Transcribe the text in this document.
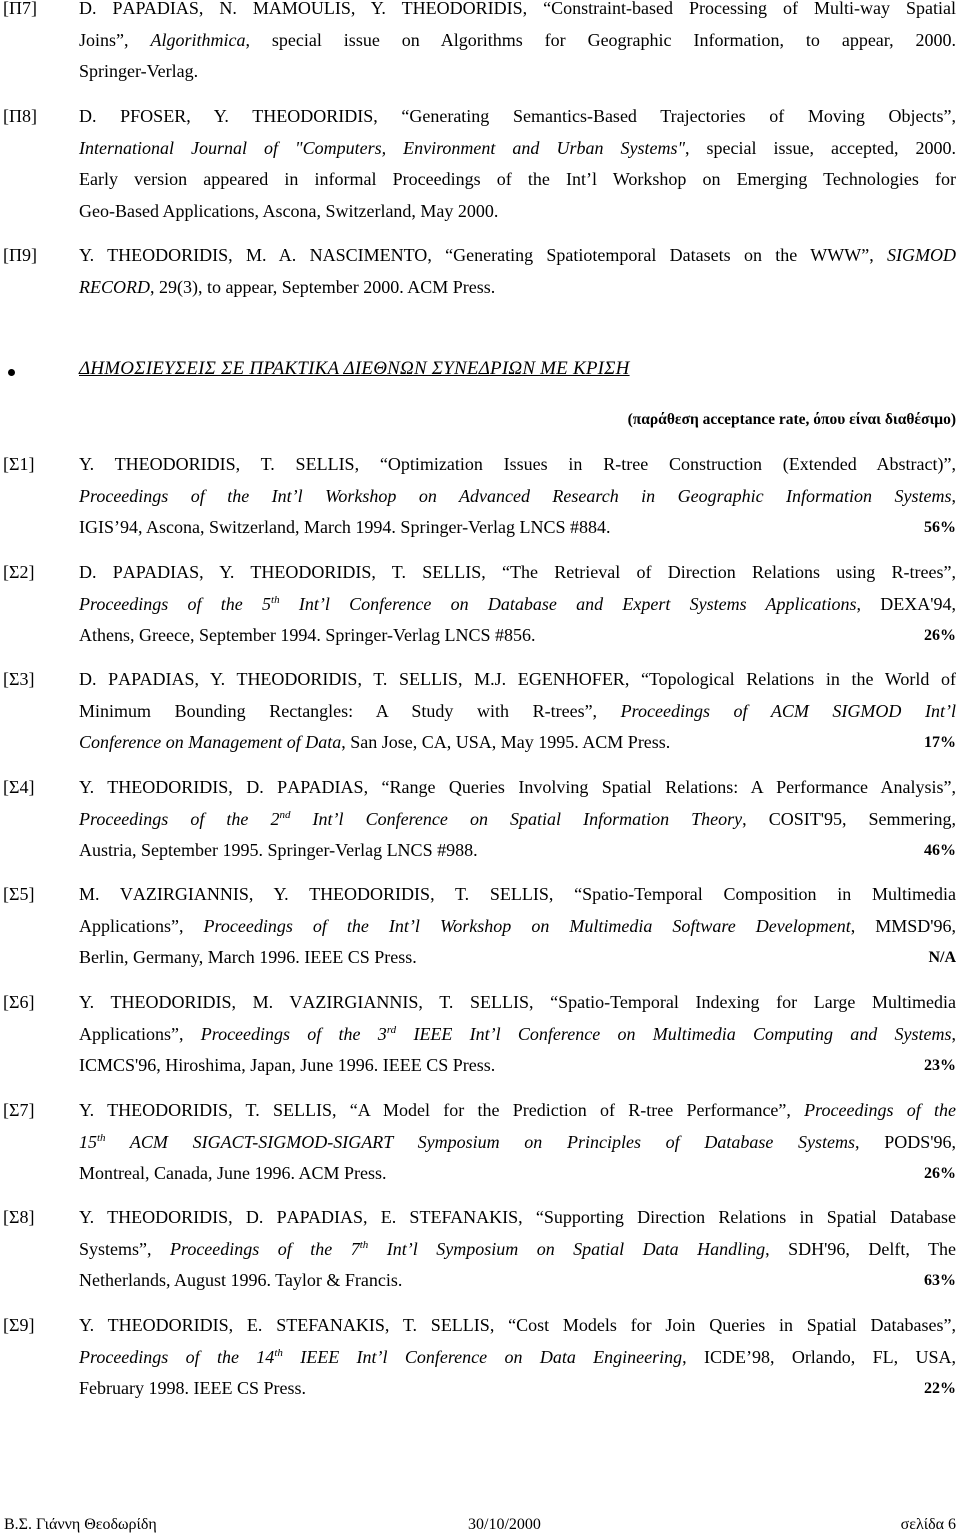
[Π7]	D. PAPADIAS, N. MAMOULIS, Y. THEODORIDIS, “Constraint-based Processing of Multi-way Spatial
Joins”, Algorithmica, special issue on Algorithms for Geographic Information, to appear, 2000.
Springer-Verlag.
[Π8]	D. PFOSER, Y. THEODORIDIS, “Generating Semantics-Based Trajectories of Moving Objects”,
International Journal of "Computers, Environment and Urban Systems", special issue, accepted, 2000.
Early version appeared in informal Proceedings of the Int’l Workshop on Emerging Technologies for
Geo-Based Applications, Ascona, Switzerland, May 2000.
[Π9]	Y. THEODORIDIS, M. A. NASCIMENTO, “Generating Spatiotemporal Datasets on the WWW”, SIGMOD
RECORD, 29(3), to appear, September 2000. ACM Press.
ΔΗΜΟΣΙΕΥΣΕΙΣ ΣΕ ΠΡΑΚΤΙΚΑ ΔΙΕΘΝΩΝ ΣΥΝΕΔΡΙΩΝ ΜΕ ΚΡΙΣΗ
(παράθεση acceptance rate, όπου είναι διαθέσιμο)
[Σ1]	Y. THEODORIDIS, T. SELLIS, “Optimization Issues in R-tree Construction (Extended Abstract)”,
Proceedings of the Int’l Workshop on Advanced Research in Geographic Information Systems,
IGIS’94, Ascona, Switzerland, March 1994. Springer-Verlag LNCS #884.	56%
[Σ2]	D. PAPADIAS, Y. THEODORIDIS, T. SELLIS, “The Retrieval of Direction Relations using R-trees”,
Proceedings of the 5th Int’l Conference on Database and Expert Systems Applications, DEXA'94,
Athens, Greece, September 1994. Springer-Verlag LNCS #856.	26%
[Σ3]	D. PAPADIAS, Y. THEODORIDIS, T. SELLIS, M.J. EGENHOFER, “Topological Relations in the World of
Minimum Bounding Rectangles: A Study with R-trees”, Proceedings of ACM SIGMOD Int’l
Conference on Management of Data, San Jose, CA, USA, May 1995. ACM Press.	17%
[Σ4]	Y. THEODORIDIS, D. PAPADIAS, “Range Queries Involving Spatial Relations: A Performance Analysis”,
Proceedings of the 2nd Int’l Conference on Spatial Information Theory, COSIT'95, Semmering,
Austria, September 1995. Springer-Verlag LNCS #988.	46%
[Σ5]	M. VAZIRGIANNIS, Y. THEODORIDIS, T. SELLIS, “Spatio-Temporal Composition in Multimedia
Applications”, Proceedings of the Int’l Workshop on Multimedia Software Development, MMSD'96,
Berlin, Germany, March 1996. IEEE CS Press.	N/A
[Σ6]	Y. THEODORIDIS, M. VAZIRGIANNIS, T. SELLIS, “Spatio-Temporal Indexing for Large Multimedia
Applications”, Proceedings of the 3rd IEEE Int’l Conference on Multimedia Computing and Systems,
ICMCS'96, Hiroshima, Japan, June 1996. IEEE CS Press.	23%
[Σ7]	Y. THEODORIDIS, T. SELLIS, “A Model for the Prediction of R-tree Performance”, Proceedings of the
15th ACM SIGACT-SIGMOD-SIGART Symposium on Principles of Database Systems, PODS'96,
Montreal, Canada, June 1996. ACM Press.	26%
[Σ8]	Y. THEODORIDIS, D. PAPADIAS, E. STEFANAKIS, “Supporting Direction Relations in Spatial Database
Systems”, Proceedings of the 7th Int’l Symposium on Spatial Data Handling, SDH'96, Delft, The
Netherlands, August 1996. Taylor & Francis.	63%
[Σ9]	Y. THEODORIDIS, E. STEFANAKIS, T. SELLIS, “Cost Models for Join Queries in Spatial Databases”,
Proceedings of the 14th IEEE Int’l Conference on Data Engineering, ICDE’98, Orlando, FL, USA,
February 1998. IEEE CS Press.	22%
Β.Σ. Γιάννη Θεοδωρίδη	30/10/2000	σελίδα 6
